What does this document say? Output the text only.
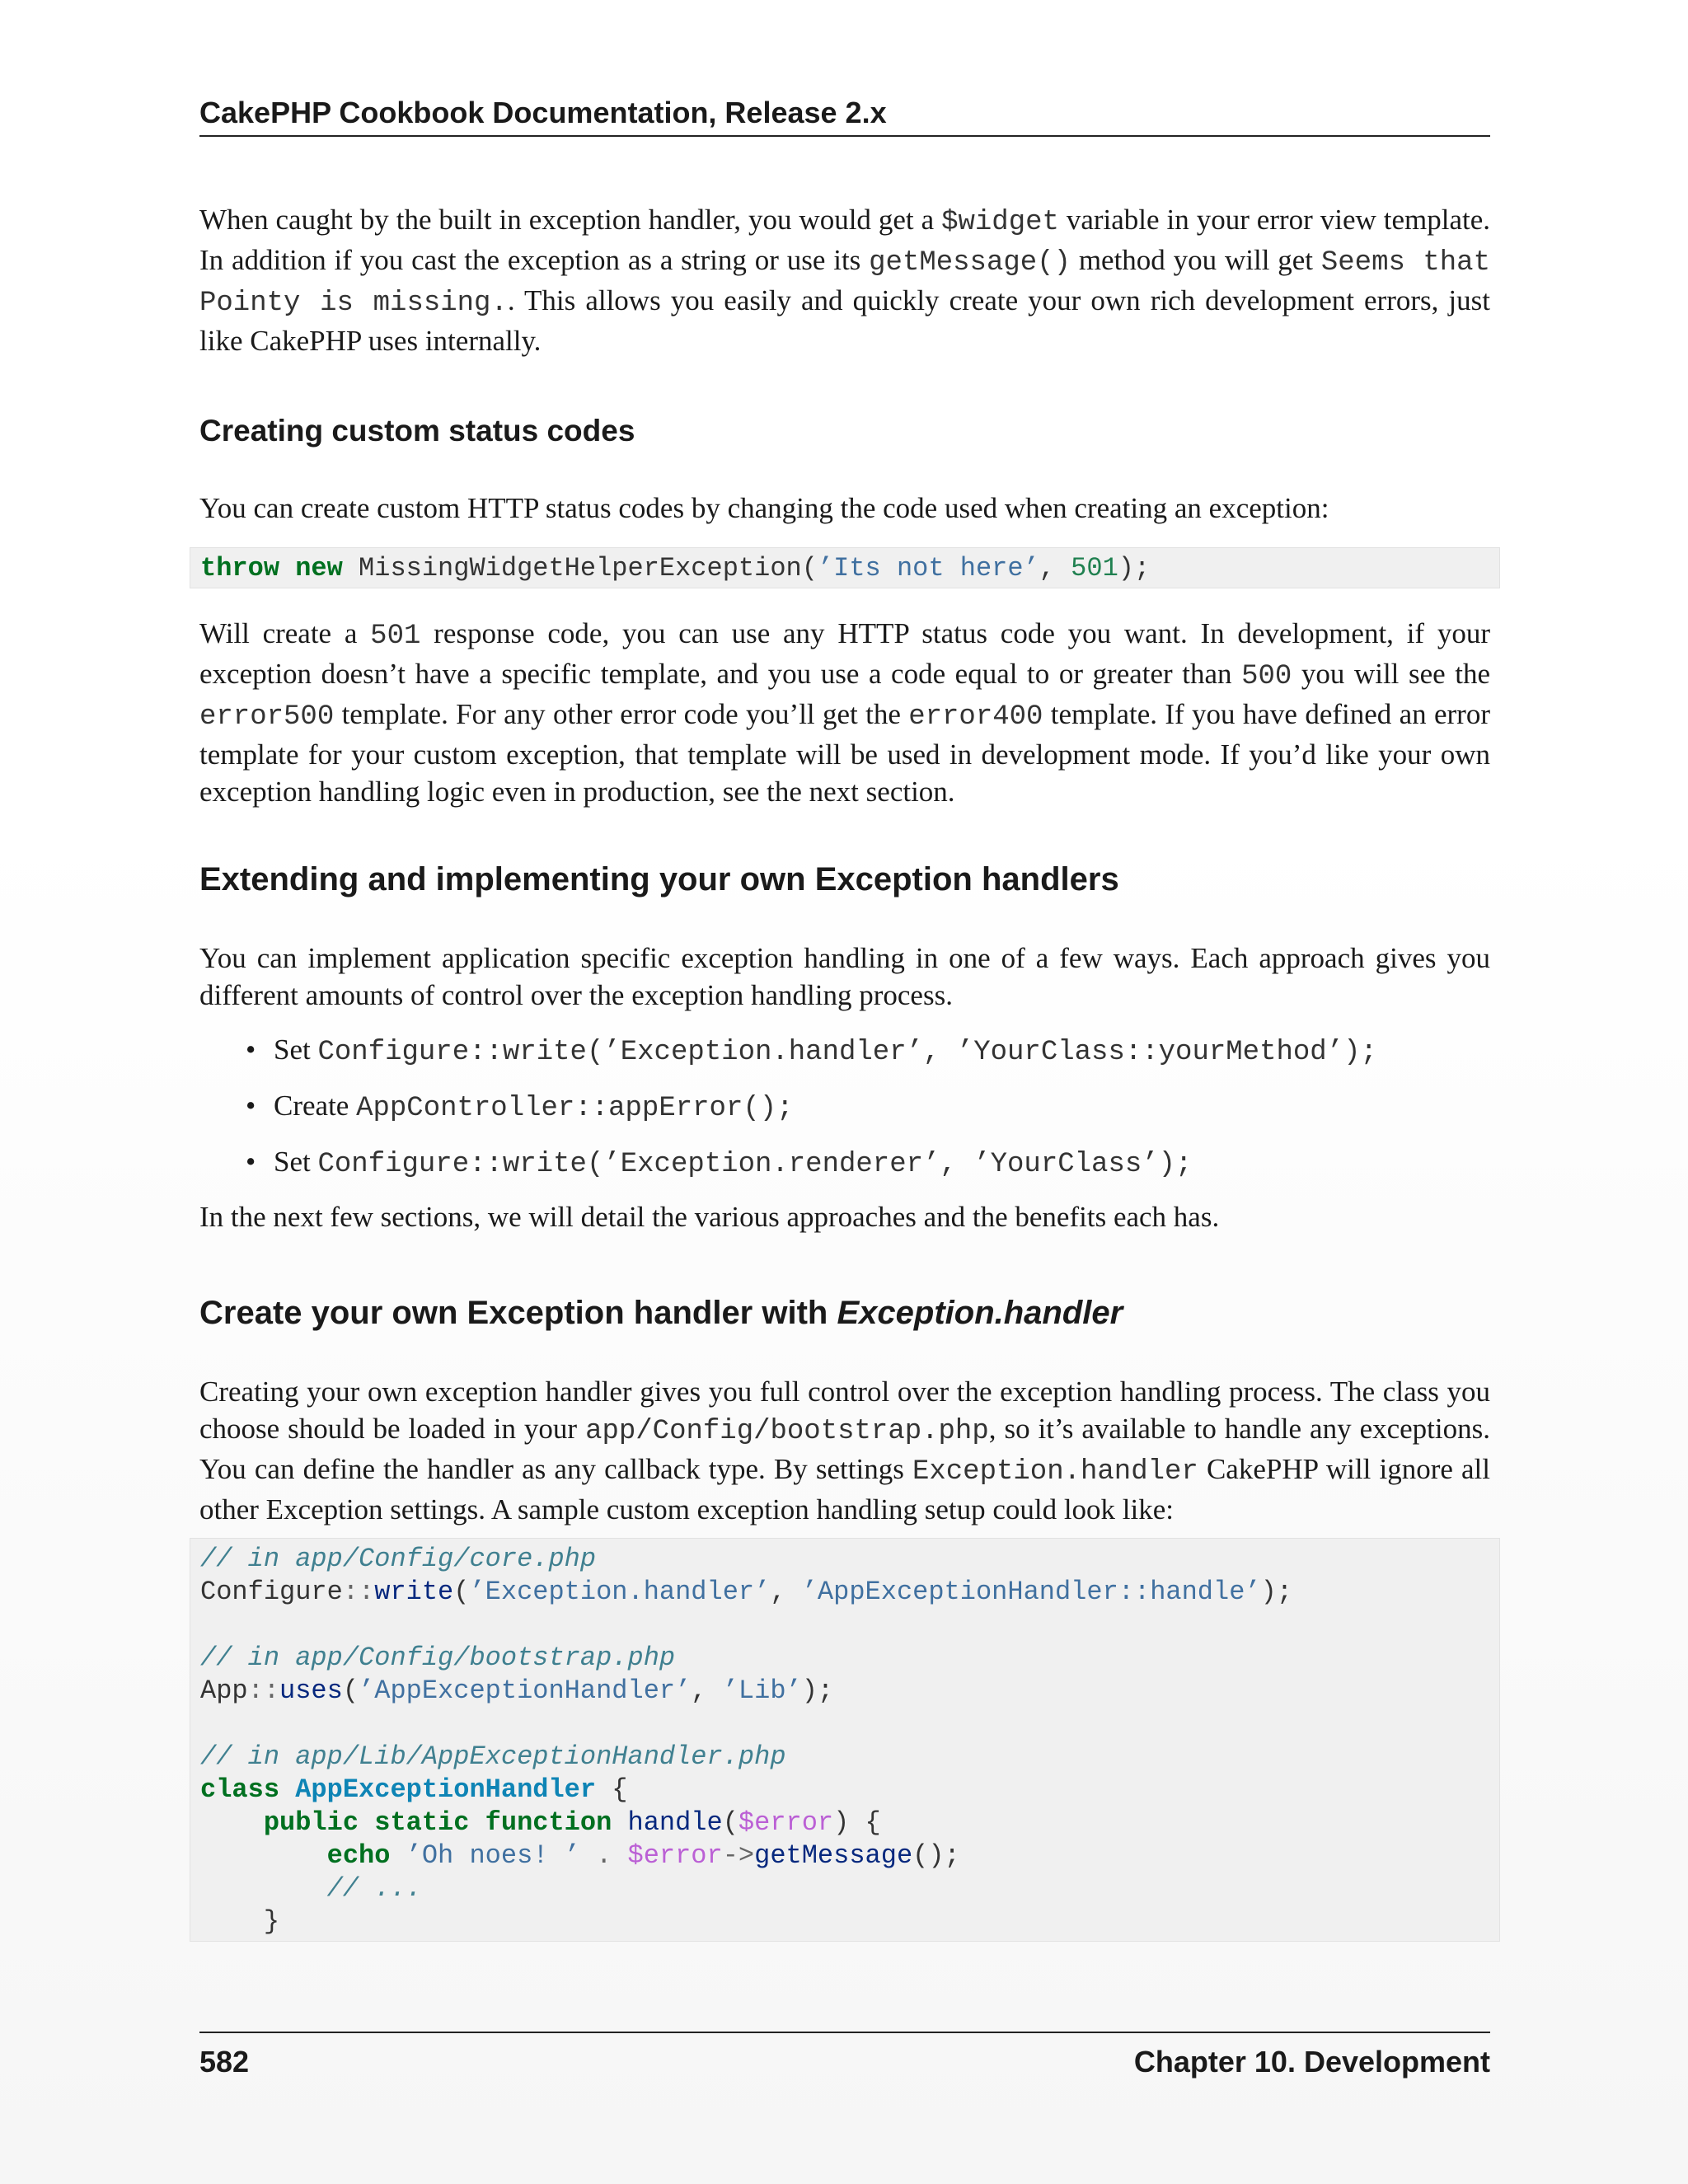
CakePHP Cookbook Documentation, Release 2.x

When caught by the built in exception handler, you would get a $widget variable in your error view template. In addition if you cast the exception as a string or use its getMessage() method you will get Seems that Pointy is missing.. This allows you easily and quickly create your own rich development errors, just like CakePHP uses internally.

Creating custom status codes

You can create custom HTTP status codes by changing the code used when creating an exception:

throw new MissingWidgetHelperException(’Its not here’, 501);

Will create a 501 response code, you can use any HTTP status code you want. In development, if your exception doesn’t have a specific template, and you use a code equal to or greater than 500 you will see the error500 template. For any other error code you’ll get the error400 template. If you have defined an error template for your custom exception, that template will be used in development mode. If you’d like your own exception handling logic even in production, see the next section.

Extending and implementing your own Exception handlers

You can implement application specific exception handling in one of a few ways. Each approach gives you different amounts of control over the exception handling process.

• Set Configure::write(’Exception.handler’, ’YourClass::yourMethod’);
• Create AppController::appError();
• Set Configure::write(’Exception.renderer’, ’YourClass’);

In the next few sections, we will detail the various approaches and the benefits each has.

Create your own Exception handler with Exception.handler

Creating your own exception handler gives you full control over the exception handling process. The class you choose should be loaded in your app/Config/bootstrap.php, so it’s available to handle any exceptions. You can define the handler as any callback type. By settings Exception.handler CakePHP will ignore all other Exception settings. A sample custom exception handling setup could look like:

// in app/Config/core.php
Configure::write(’Exception.handler’, ’AppExceptionHandler::handle’);

// in app/Config/bootstrap.php
App::uses(’AppExceptionHandler’, ’Lib’);

// in app/Lib/AppExceptionHandler.php
class AppExceptionHandler {
public static function handle($error) {
echo ’Oh noes! ’ . $error->getMessage();
// ...
}
582	Chapter 10. Development
